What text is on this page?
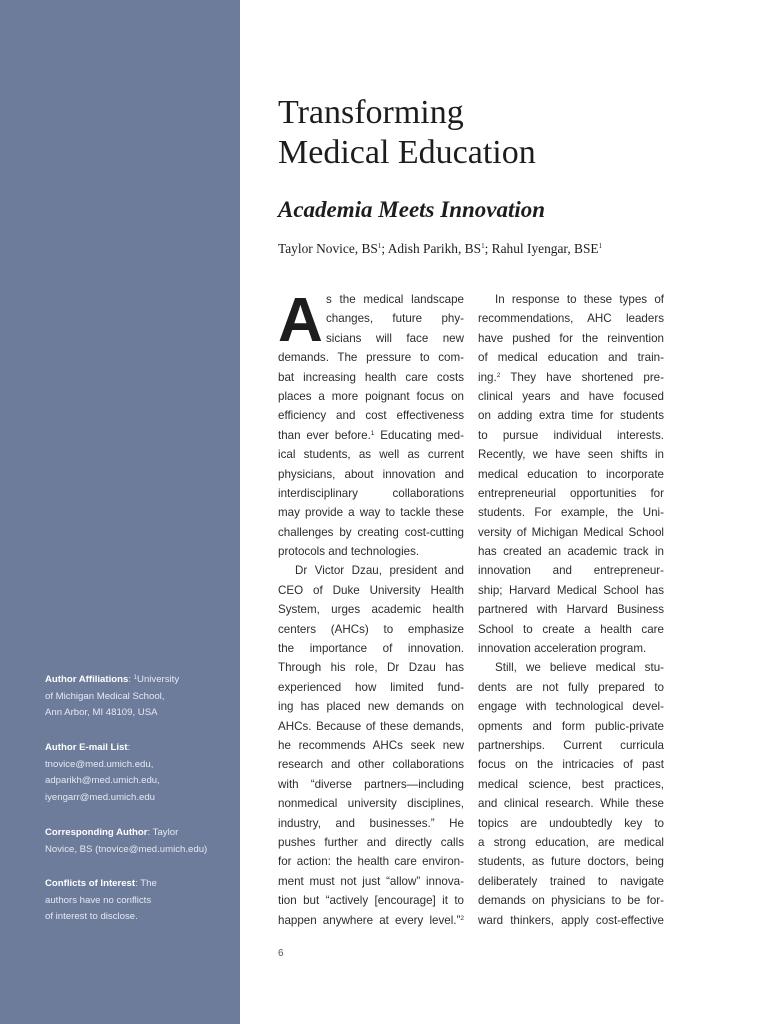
Author Affiliations: $^1$University
of Michigan Medical School,
Ann Arbor, MI 48109, USA
Author E-mail List:
tnovice@med.umich.edu,
adparikh@med.umich.edu,
iyengarr@med.umich.edu
Corresponding Author: Taylor
Novice, BS (tnovice@med.umich.edu)
Conflicts of Interest: The
authors have no conflicts
of interest to disclose.
Transforming
Medical Education
Academia Meets Innovation
Taylor Novice, $BS^1$; Adish Parikh, $BS^1$; Rahul Iyengar, BSE$^1$
A s the medical landscape
changes, future phy-
sicians will face new
demands. The pressure to com-
bat increasing health care costs
places a more poignant focus on
efficiency and cost effectiveness
than ever before.$^1$ Educating med-
ical students, as well as current
physicians, about innovation and
interdisciplinary collaborations
may provide a way to tackle these
challenges by creating cost-cutting
protocols and technologies.
Dr Victor Dzau, president and
CEO of Duke University Health
System, urges academic health
centers (AHCs) to emphasize
the importance of innovation.
Through his role, Dr Dzau has
experienced how limited fund-
ing has placed new demands on
AHCs. Because of these demands,
he recommends AHCs seek new
research and other collaborations
with “diverse partners—including
nonmedical university disciplines,
industry, and businesses.” He
pushes further and directly calls
for action: the health care environ-
ment must not just “allow” innova-
tion but “actively [encourage] it to
happen anywhere at every level.”$^2$
In response to these types of
recommendations, AHC leaders
have pushed for the reinvention
of medical education and train-
ing.$^2$ They have shortened pre-
clinical years and have focused
on adding extra time for students
to pursue individual interests.
Recently, we have seen shifts in
medical education to incorporate
entrepreneurial opportunities for
students. For example, the Uni-
versity of Michigan Medical School
has created an academic track in
innovation and entrepreneur-
ship; Harvard Medical School has
partnered with Harvard Business
School to create a health care
innovation acceleration program.
Still, we believe medical stu-
dents are not fully prepared to
engage with technological devel-
opments and form public-private
partnerships. Current curricula
focus on the intricacies of past
medical science, best practices,
and clinical research. While these
topics are undoubtedly key to
a strong education, are medical
students, as future doctors, being
deliberately trained to navigate
demands on physicians to be for-
ward thinkers, apply cost-effective
6
